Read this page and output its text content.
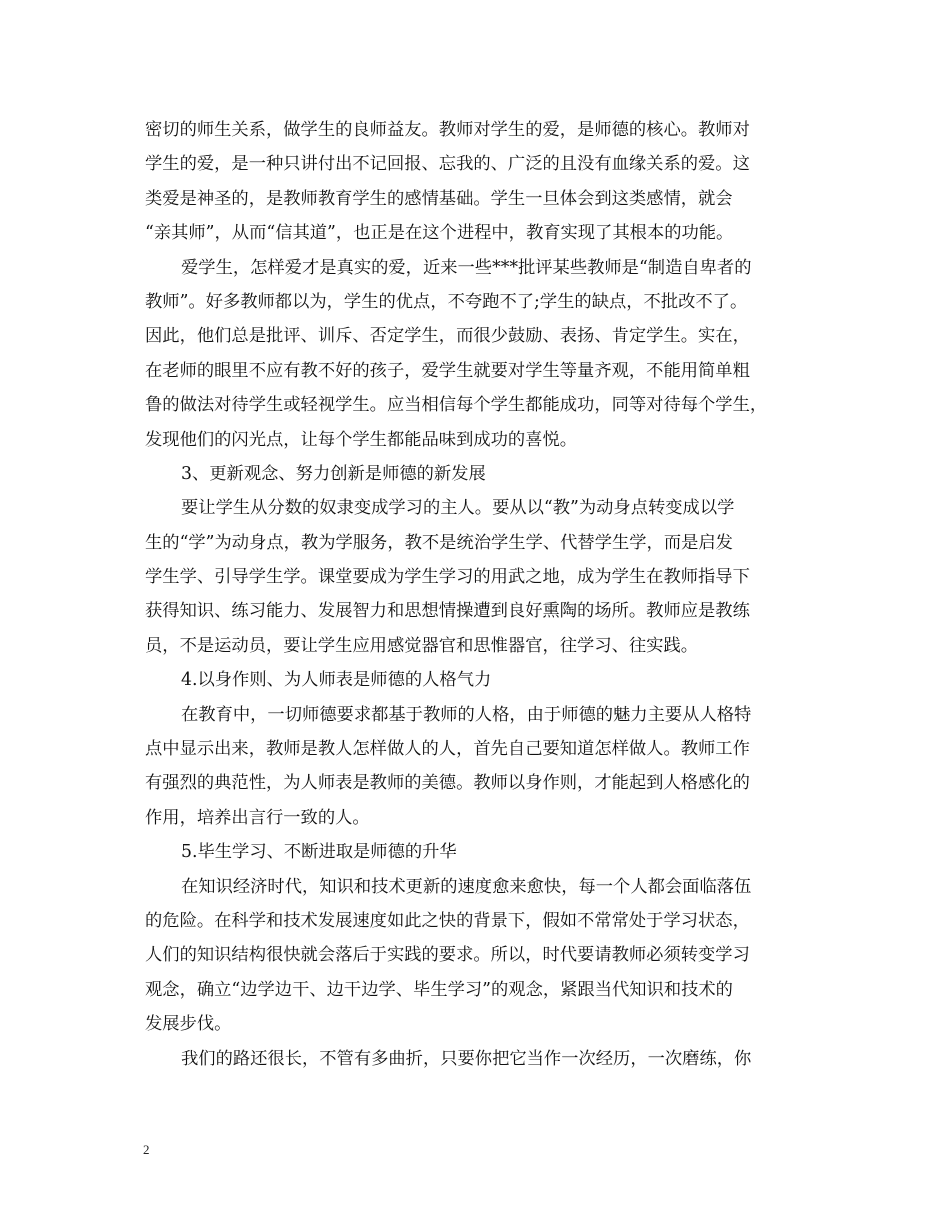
密切的师生关系，做学生的良师益友。教师对学生的爱，是师德的核心。教师对
学生的爱，是一种只讲付出不记回报、忘我的、广泛的且没有血缘关系的爱。这
类爱是神圣的，是教师教育学生的感情基础。学生一旦体会到这类感情，就会
“亲其师”，从而“信其道”，也正是在这个进程中，教育实现了其根本的功能。
爱学生，怎样爱才是真实的爱，近来一些***批评某些教师是“制造自卑者的
教师”。好多教师都以为，学生的优点，不夸跑不了;学生的缺点，不批改不了。
因此，他们总是批评、训斥、否定学生，而很少鼓励、表扬、肯定学生。实在，
在老师的眼里不应有教不好的孩子，爱学生就要对学生等量齐观，不能用简单粗
鲁的做法对待学生或轻视学生。应当相信每个学生都能成功，同等对待每个学生，
发现他们的闪光点，让每个学生都能品味到成功的喜悦。
3、更新观念、努力创新是师德的新发展
要让学生从分数的奴隶变成学习的主人。要从以“教”为动身点转变成以学
生的“学”为动身点，教为学服务，教不是统治学生学、代替学生学，而是启发
学生学、引导学生学。课堂要成为学生学习的用武之地，成为学生在教师指导下
获得知识、练习能力、发展智力和思想情操遭到良好熏陶的场所。教师应是教练
员，不是运动员，要让学生应用感觉器官和思惟器官，往学习、往实践。
4.以身作则、为人师表是师德的人格气力
在教育中，一切师德要求都基于教师的人格，由于师德的魅力主要从人格特
点中显示出来，教师是教人怎样做人的人，首先自己要知道怎样做人。教师工作
有强烈的典范性，为人师表是教师的美德。教师以身作则，才能起到人格感化的
作用，培养出言行一致的人。
5.毕生学习、不断进取是师德的升华
在知识经济时代，知识和技术更新的速度愈来愈快，每一个人都会面临落伍
的危险。在科学和技术发展速度如此之快的背景下，假如不常常处于学习状态，
人们的知识结构很快就会落后于实践的要求。所以，时代要请教师必须转变学习
观念，确立“边学边干、边干边学、毕生学习”的观念，紧跟当代知识和技术的
发展步伐。
我们的路还很长，不管有多曲折，只要你把它当作一次经历，一次磨练，你
2
